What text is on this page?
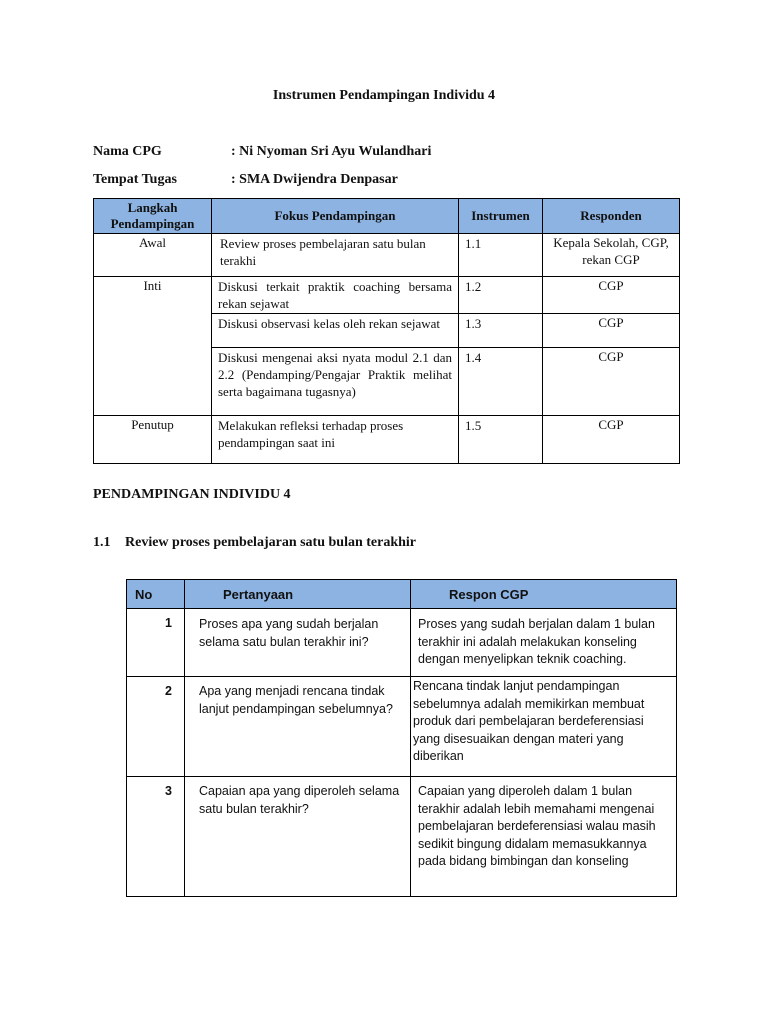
Instrumen Pendampingan Individu 4
Nama CPG	: Ni Nyoman Sri Ayu Wulandhari
Tempat Tugas	: SMA Dwijendra Denpasar
Langkah Pendampingan	Fokus Pendampingan	Instrumen	Responden
Awal	Review proses pembelajaran satu bulan terakhi	1.1	Kepala Sekolah, CGP, rekan CGP
Inti	Diskusi terkait praktik coaching bersama rekan sejawat	1.2	CGP
	Diskusi observasi kelas oleh rekan sejawat	1.3	CGP
	Diskusi mengenai aksi nyata modul 2.1 dan 2.2 (Pendamping/Pengajar Praktik melihat serta bagaimana tugasnya)	1.4	CGP
Penutup	Melakukan refleksi terhadap proses pendampingan saat ini	1.5	CGP
PENDAMPINGAN INDIVIDU 4
1.1 Review proses pembelajaran satu bulan terakhir
No	Pertanyaan	Respon CGP
1	Proses apa yang sudah berjalan selama satu bulan terakhir ini?	Proses yang sudah berjalan dalam 1 bulan terakhir ini adalah melakukan konseling dengan menyelipkan teknik coaching.
2	Apa yang menjadi rencana tindak lanjut pendampingan sebelumnya?	Rencana tindak lanjut pendampingan sebelumnya adalah memikirkan membuat produk dari pembelajaran berdeferensiasi yang disesuaikan dengan materi yang diberikan
3	Capaian apa yang diperoleh selama satu bulan terakhir?	Capaian yang diperoleh dalam 1 bulan terakhir adalah lebih memahami mengenai pembelajaran berdeferensiasi walau masih sedikit bingung didalam memasukkannya pada bidang bimbingan dan konseling
